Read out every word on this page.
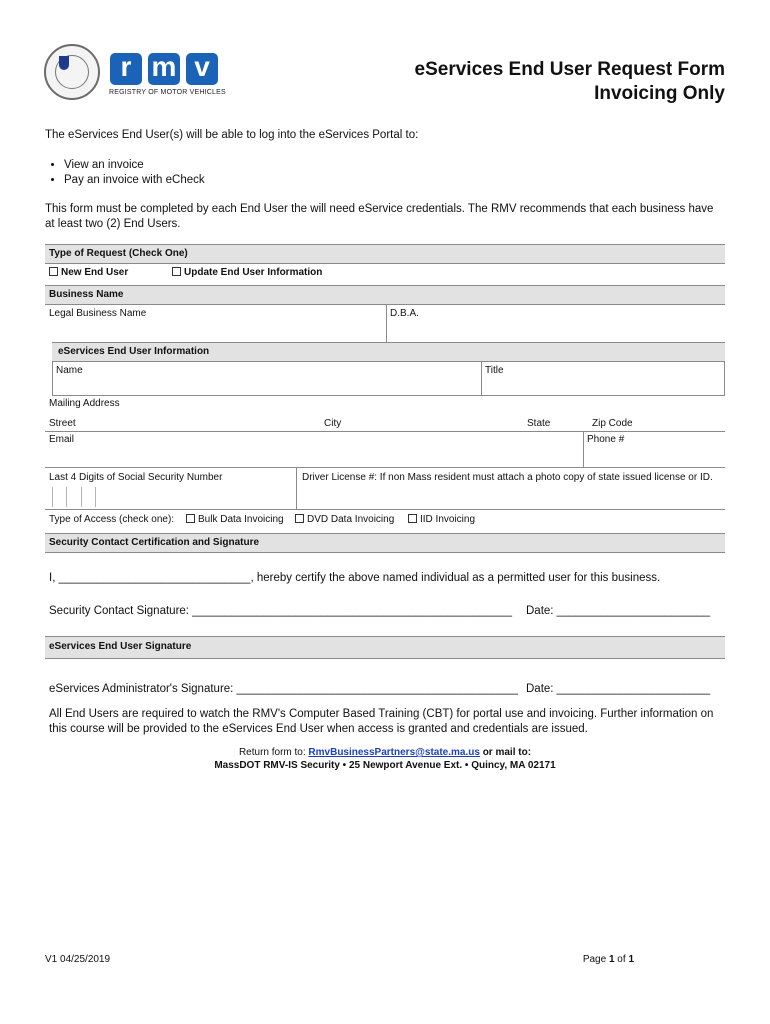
r m v
REGISTRY OF MOTOR VEHICLES
eServices End User Request Form
Invoicing Only
The eServices End User(s) will be able to log into the eServices Portal to:
• View an invoice
• Pay an invoice with eCheck
This form must be completed by each End User the will need eService credentials. The RMV recommends that each business have at least two (2) End Users.
Type of Request (Check One)
New End User	Update End User Information
Business Name
Legal Business Name	D.B.A.
eServices End User Information
Name	Title
Mailing Address
Street	City	State	Zip Code
Email	Phone #
Last 4 Digits of Social Security Number	Driver License #: If non Mass resident must attach a photo copy of state issued license or ID.
Type of Access (check one):	Bulk Data Invoicing	DVD Data Invoicing	IID Invoicing
Security Contact Certification and Signature
I, ______________________________, hereby certify the above named individual as a permitted user for this business.
Security Contact Signature: __________________________________________________ Date: ________________________
eServices End User Signature
eServices Administrator's Signature: ____________________________________________ Date: ________________________
All End Users are required to watch the RMV's Computer Based Training (CBT) for portal use and invoicing. Further information on this course will be provided to the eServices End User when access is granted and credentials are issued.
Return form to: RmvBusinessPartners@state.ma.us or mail to:
MassDOT RMV-IS Security • 25 Newport Avenue Ext. • Quincy, MA 02171
V1 04/25/2019	Page 1 of 1
